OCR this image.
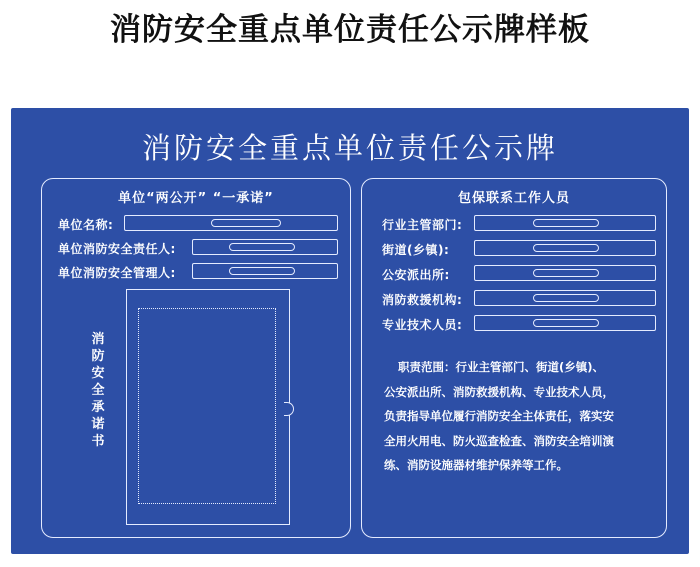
消防安全重点单位责任公示牌样板
消防安全重点单位责任公示牌
单位“两公开” “一承诺”
单位名称:
单位消防安全责任人:
单位消防安全管理人:
消防安全承诺书
包保联系工作人员
行业主管部门:
街道(乡镇):
公安派出所:
消防救援机构:
专业技术人员:

职责范围：行业主管部门、街道(乡镇)、

公安派出所、消防救援机构、专业技术人员，

负责指导单位履行消防安全主体责任，落实安

全用火用电、防火巡查检查、消防安全培训演

练、消防设施器材维护保养等工作。
